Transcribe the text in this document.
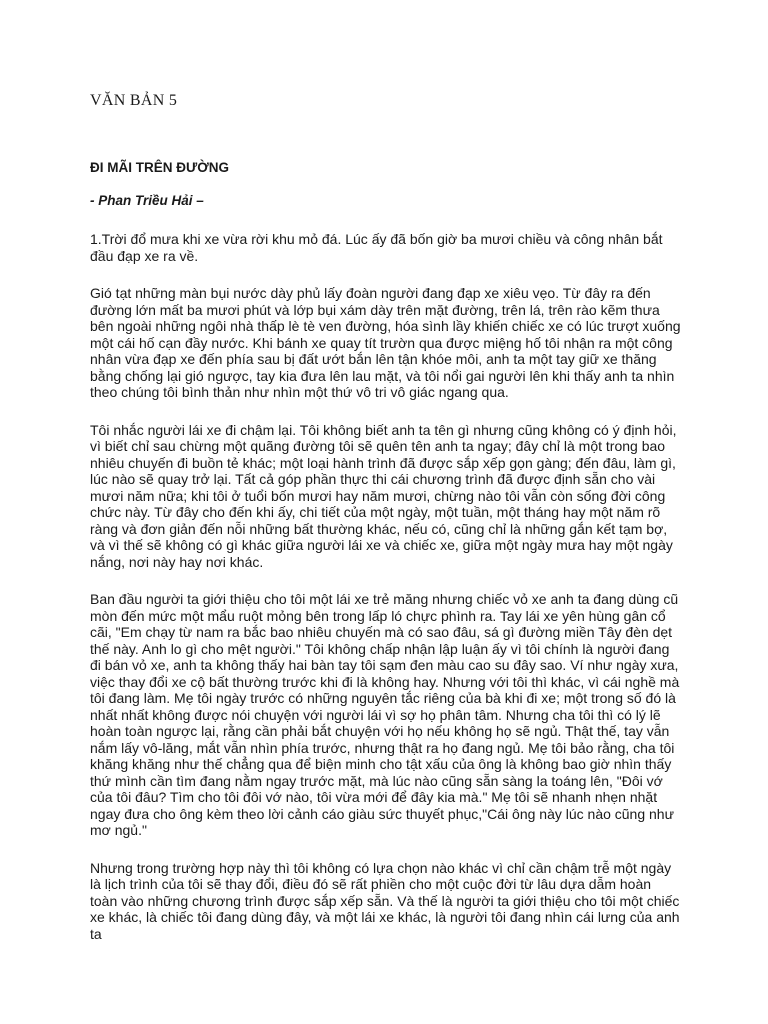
VĂN BẢN 5
ĐI MÃI TRÊN ĐƯỜNG
- Phan Triều Hải –

1.Trời đổ mưa khi xe vừa rời khu mỏ đá. Lúc ấy đã bốn giờ ba mươi chiều và công nhân bắt đầu đạp xe ra về.

Gió tạt những màn bụi nước dày phủ lấy đoàn người đang đạp xe xiêu vẹo. Từ đây ra đến đường lớn mất ba mươi phút và lớp bụi xám dày trên mặt đường, trên lá, trên rào kẽm thưa bên ngoài những ngôi nhà thấp lè tè ven đường, hóa sình lầy khiến chiếc xe có lúc trượt xuống một cái hố cạn đầy nước. Khi bánh xe quay tít trườn qua được miệng hố tôi nhận ra một công nhân vừa đạp xe đến phía sau bị đất ướt bắn lên tận khóe môi, anh ta một tay giữ xe thăng bằng chống lại gió ngược, tay kia đưa lên lau mặt, và tôi nổi gai người lên khi thấy anh ta nhìn theo chúng tôi bình thản như nhìn một thứ vô tri vô giác ngang qua.

Tôi nhắc người lái xe đi chậm lại. Tôi không biết anh ta tên gì nhưng cũng không có ý định hỏi, vì biết chỉ sau chừng một quãng đường tôi sẽ quên tên anh ta ngay; đây chỉ là một trong bao nhiêu chuyến đi buồn tẻ khác; một loại hành trình đã được sắp xếp gọn gàng; đến đâu, làm gì, lúc nào sẽ quay trở lại. Tất cả góp phần thực thi cái chương trình đã được định sẵn cho vài mươi năm nữa; khi tôi ở tuổi bốn mươi hay năm mươi, chừng nào tôi vẫn còn sống đời công chức này. Từ đây cho đến khi ấy, chi tiết của một ngày, một tuần, một tháng hay một năm rõ ràng và đơn giản đến nỗi những bất thường khác, nếu có, cũng chỉ là những gắn kết tạm bợ, và vì thế sẽ không có gì khác giữa người lái xe và chiếc xe, giữa một ngày mưa hay một ngày nắng, nơi này hay nơi khác.

Ban đầu người ta giới thiệu cho tôi một lái xe trẻ măng nhưng chiếc vỏ xe anh ta đang dùng cũ mòn đến mức một mẩu ruột mỏng bên trong lấp ló chực phình ra. Tay lái xe yên hùng gân cổ cãi, "Em chạy từ nam ra bắc bao nhiêu chuyến mà có sao đâu, sá gì đường miền Tây đèn dẹt thế này. Anh lo gì cho mệt người." Tôi không chấp nhận lập luận ấy vì tôi chính là người đang đi bán vỏ xe, anh ta không thấy hai bàn tay tôi sạm đen màu cao su đây sao. Ví như ngày xưa, việc thay đổi xe cộ bất thường trước khi đi là không hay. Nhưng với tôi thì khác, vì cái nghề mà tôi đang làm. Mẹ tôi ngày trước có những nguyên tắc riêng của bà khi đi xe; một trong số đó là nhất nhất không được nói chuyện với người lái vì sợ họ phân tâm. Nhưng cha tôi thì có lý lẽ hoàn toàn ngược lại, rằng cần phải bắt chuyện với họ nếu không họ sẽ ngủ. Thật thế, tay vẫn nắm lấy vô-lăng, mắt vẫn nhìn phía trước, nhưng thật ra họ đang ngủ. Mẹ tôi bảo rằng, cha tôi khăng khăng như thế chẳng qua để biện minh cho tật xấu của ông là không bao giờ nhìn thấy thứ mình cần tìm đang nằm ngay trước mặt, mà lúc nào cũng sẵn sàng la toáng lên, "Đôi vớ của tôi đâu? Tìm cho tôi đôi vớ nào, tôi vừa mới để đây kia mà." Mẹ tôi sẽ nhanh nhẹn nhặt ngay đưa cho ông kèm theo lời cảnh cáo giàu sức thuyết phục,"Cái ông này lúc nào cũng như mơ ngủ."

Nhưng trong trường hợp này thì tôi không có lựa chọn nào khác vì chỉ cần chậm trễ một ngày là lịch trình của tôi sẽ thay đổi, điều đó sẽ rất phiền cho một cuộc đời từ lâu dựa dẫm hoàn toàn vào những chương trình được sắp xếp sẵn. Và thế là người ta giới thiệu cho tôi một chiếc xe khác, là chiếc tôi đang dùng đây, và một lái xe khác, là người tôi đang nhìn cái lưng của anh ta
